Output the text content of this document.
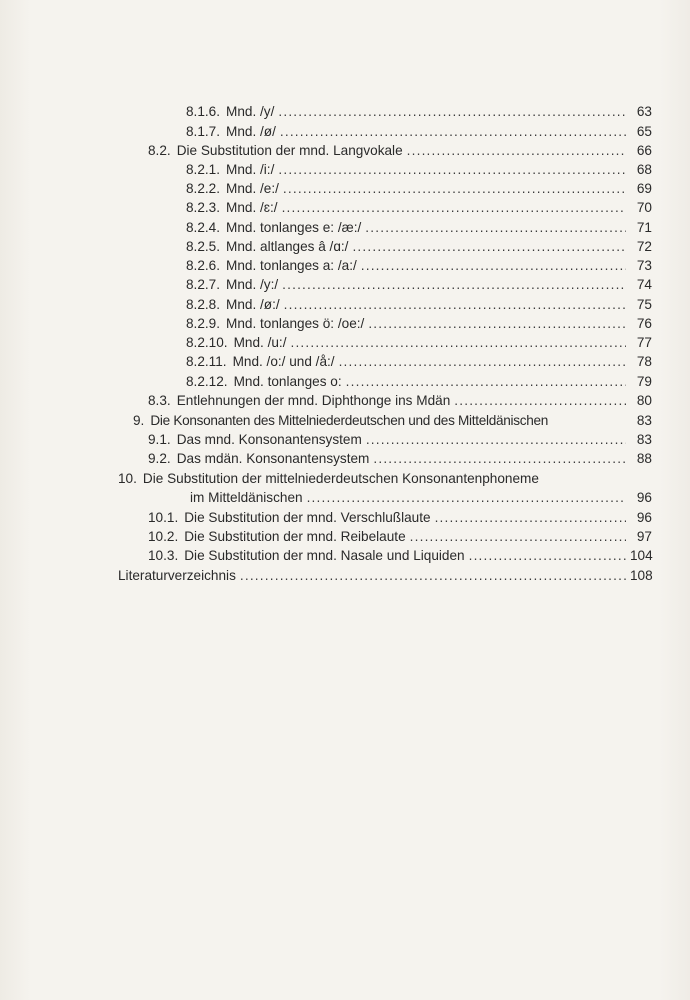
8.1.6. Mnd. /y/ .....	63
8.1.7. Mnd. /ø/ .....	65
8.2. Die Substitution der mnd. Langvokale .....	66
8.2.1. Mnd. /i:/ .....	68
8.2.2. Mnd. /e:/ .....	69
8.2.3. Mnd. /ɛ:/ .....	70
8.2.4. Mnd. tonlanges e: /æ:/ .....	71
8.2.5. Mnd. altlanges â /ɑ:/ .....	72
8.2.6. Mnd. tonlanges a: /a:/ .....	73
8.2.7. Mnd. /y:/ .....	74
8.2.8. Mnd. /ø:/ .....	75
8.2.9. Mnd. tonlanges ö: /oe:/ .....	76
8.2.10. Mnd. /u:/ .....	77
8.2.11. Mnd. /o:/ und /å:/ .....	78
8.2.12. Mnd. tonlanges o: .....	79
8.3. Entlehnungen der mnd. Diphthonge ins Mdän .....	80
9. Die Konsonanten des Mittelniederdeutschen und des Mitteldänischen	83
9.1. Das mnd. Konsonantensystem .....	83
9.2. Das mdän. Konsonantensystem .....	88
10. Die Substitution der mittelniederdeutschen Konsonantenphoneme
im Mitteldänischen .....	96
10.1. Die Substitution der mnd. Verschlußlaute .....	96
10.2. Die Substitution der mnd. Reibelaute .....	97
10.3. Die Substitution der mnd. Nasale und Liquiden .....	104
Literaturverzeichnis .....	108
